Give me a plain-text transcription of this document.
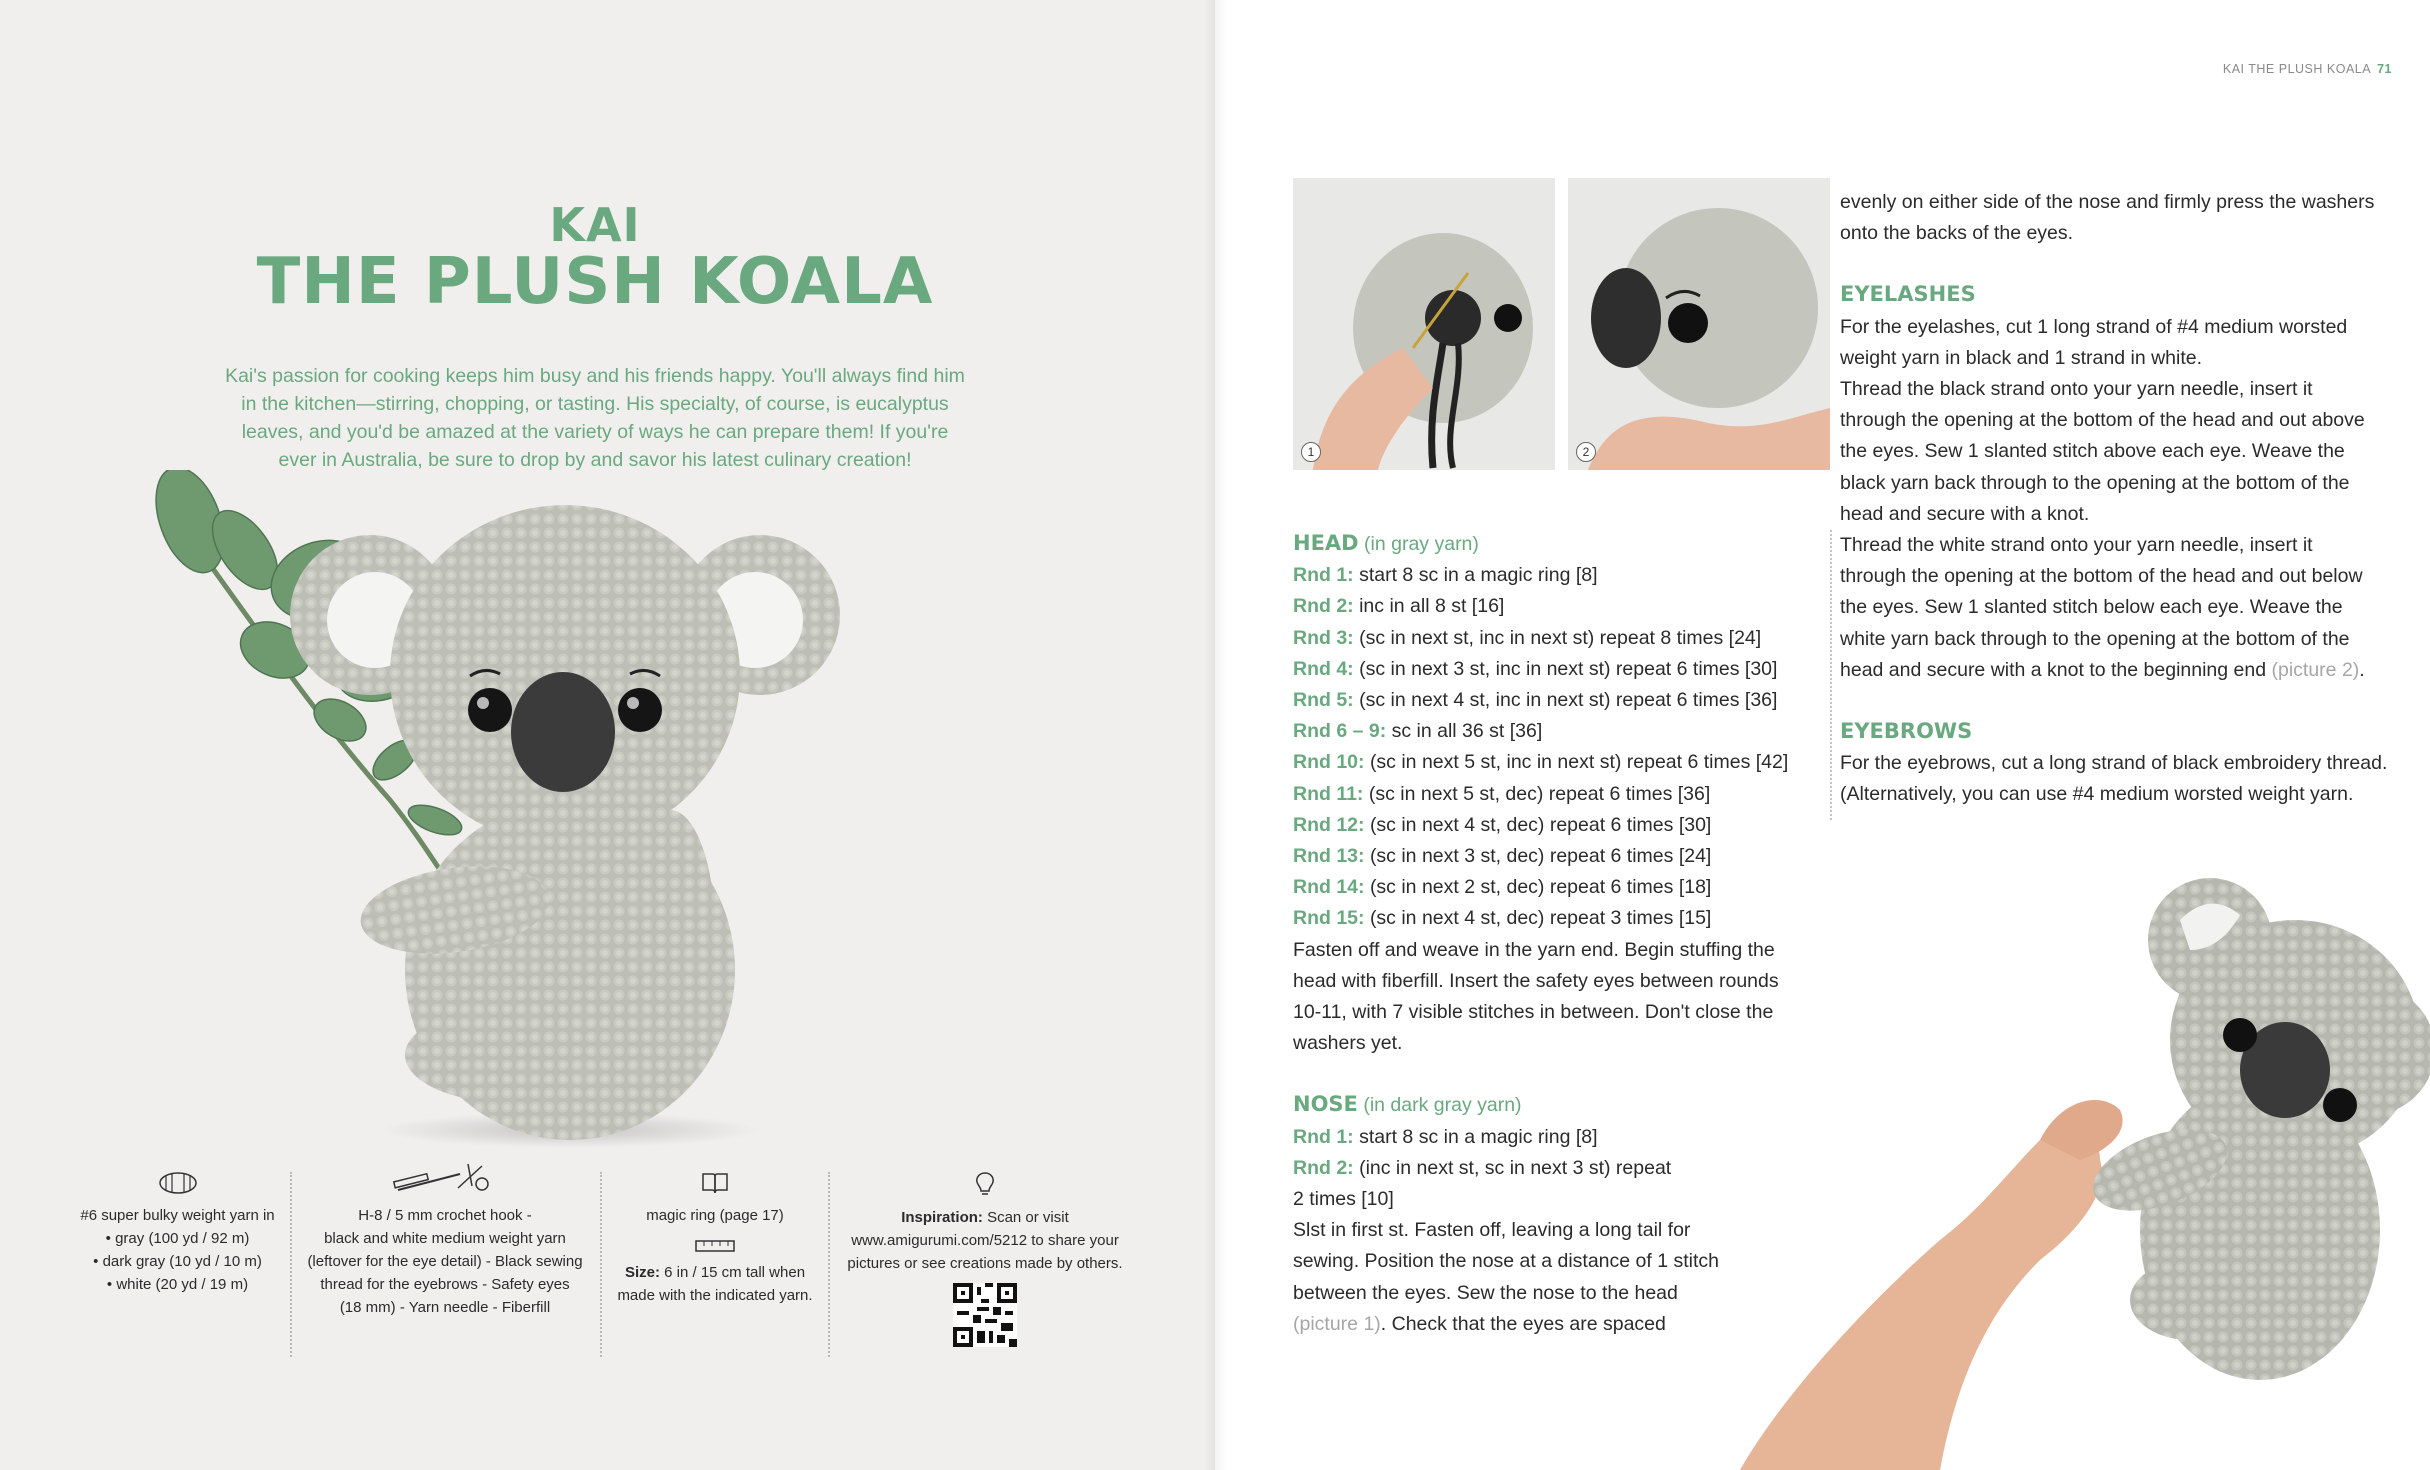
KAI
THE PLUSH KOALA
Kai's passion for cooking keeps him busy and his friends happy. You'll always find him
in the kitchen—stirring, chopping, or tasting. His specialty, of course, is eucalyptus
leaves, and you'd be amazed at the variety of ways he can prepare them! If you're
ever in Australia, be sure to drop by and savor his latest culinary creation!
#6 super bulky weight yarn in
• gray (100 yd / 92 m)
• dark gray (10 yd / 10 m)
• white (20 yd / 19 m)
H-8 / 5 mm crochet hook -
black and white medium weight yarn
(leftover for the eye detail) - Black sewing
thread for the eyebrows - Safety eyes
(18 mm) - Yarn needle - Fiberfill
magic ring (page 17)
Size: 6 in / 15 cm tall when
made with the indicated yarn.
Inspiration: Scan or visit
www.amigurumi.com/5212 to share your
pictures or see creations made by others.
KAI THE PLUSH KOALA 71
1	2
HEAD (in gray yarn)
Rnd 1: start 8 sc in a magic ring [8]
Rnd 2: inc in all 8 st [16]
Rnd 3: (sc in next st, inc in next st) repeat 8 times [24]
Rnd 4: (sc in next 3 st, inc in next st) repeat 6 times [30]
Rnd 5: (sc in next 4 st, inc in next st) repeat 6 times [36]
Rnd 6 – 9: sc in all 36 st [36]
Rnd 10: (sc in next 5 st, inc in next st) repeat 6 times [42]
Rnd 11: (sc in next 5 st, dec) repeat 6 times [36]
Rnd 12: (sc in next 4 st, dec) repeat 6 times [30]
Rnd 13: (sc in next 3 st, dec) repeat 6 times [24]
Rnd 14: (sc in next 2 st, dec) repeat 6 times [18]
Rnd 15: (sc in next 4 st, dec) repeat 3 times [15]
Fasten off and weave in the yarn end. Begin stuffing the
head with fiberfill. Insert the safety eyes between rounds
10-11, with 7 visible stitches in between. Don't close the
washers yet.
NOSE (in dark gray yarn)
Rnd 1: start 8 sc in a magic ring [8]
Rnd 2: (inc in next st, sc in next 3 st) repeat
2 times [10]
Slst in first st. Fasten off, leaving a long tail for
sewing. Position the nose at a distance of 1 stitch
between the eyes. Sew the nose to the head
(picture 1). Check that the eyes are spaced
evenly on either side of the nose and firmly press the washers
onto the backs of the eyes.
EYELASHES
For the eyelashes, cut 1 long strand of #4 medium worsted
weight yarn in black and 1 strand in white.
Thread the black strand onto your yarn needle, insert it
through the opening at the bottom of the head and out above
the eyes. Sew 1 slanted stitch above each eye. Weave the
black yarn back through to the opening at the bottom of the
head and secure with a knot.
Thread the white strand onto your yarn needle, insert it
through the opening at the bottom of the head and out below
the eyes. Sew 1 slanted stitch below each eye. Weave the
white yarn back through to the opening at the bottom of the
head and secure with a knot to the beginning end (picture 2).
EYEBROWS
For the eyebrows, cut a long strand of black embroidery thread.
(Alternatively, you can use #4 medium worsted weight yarn.
